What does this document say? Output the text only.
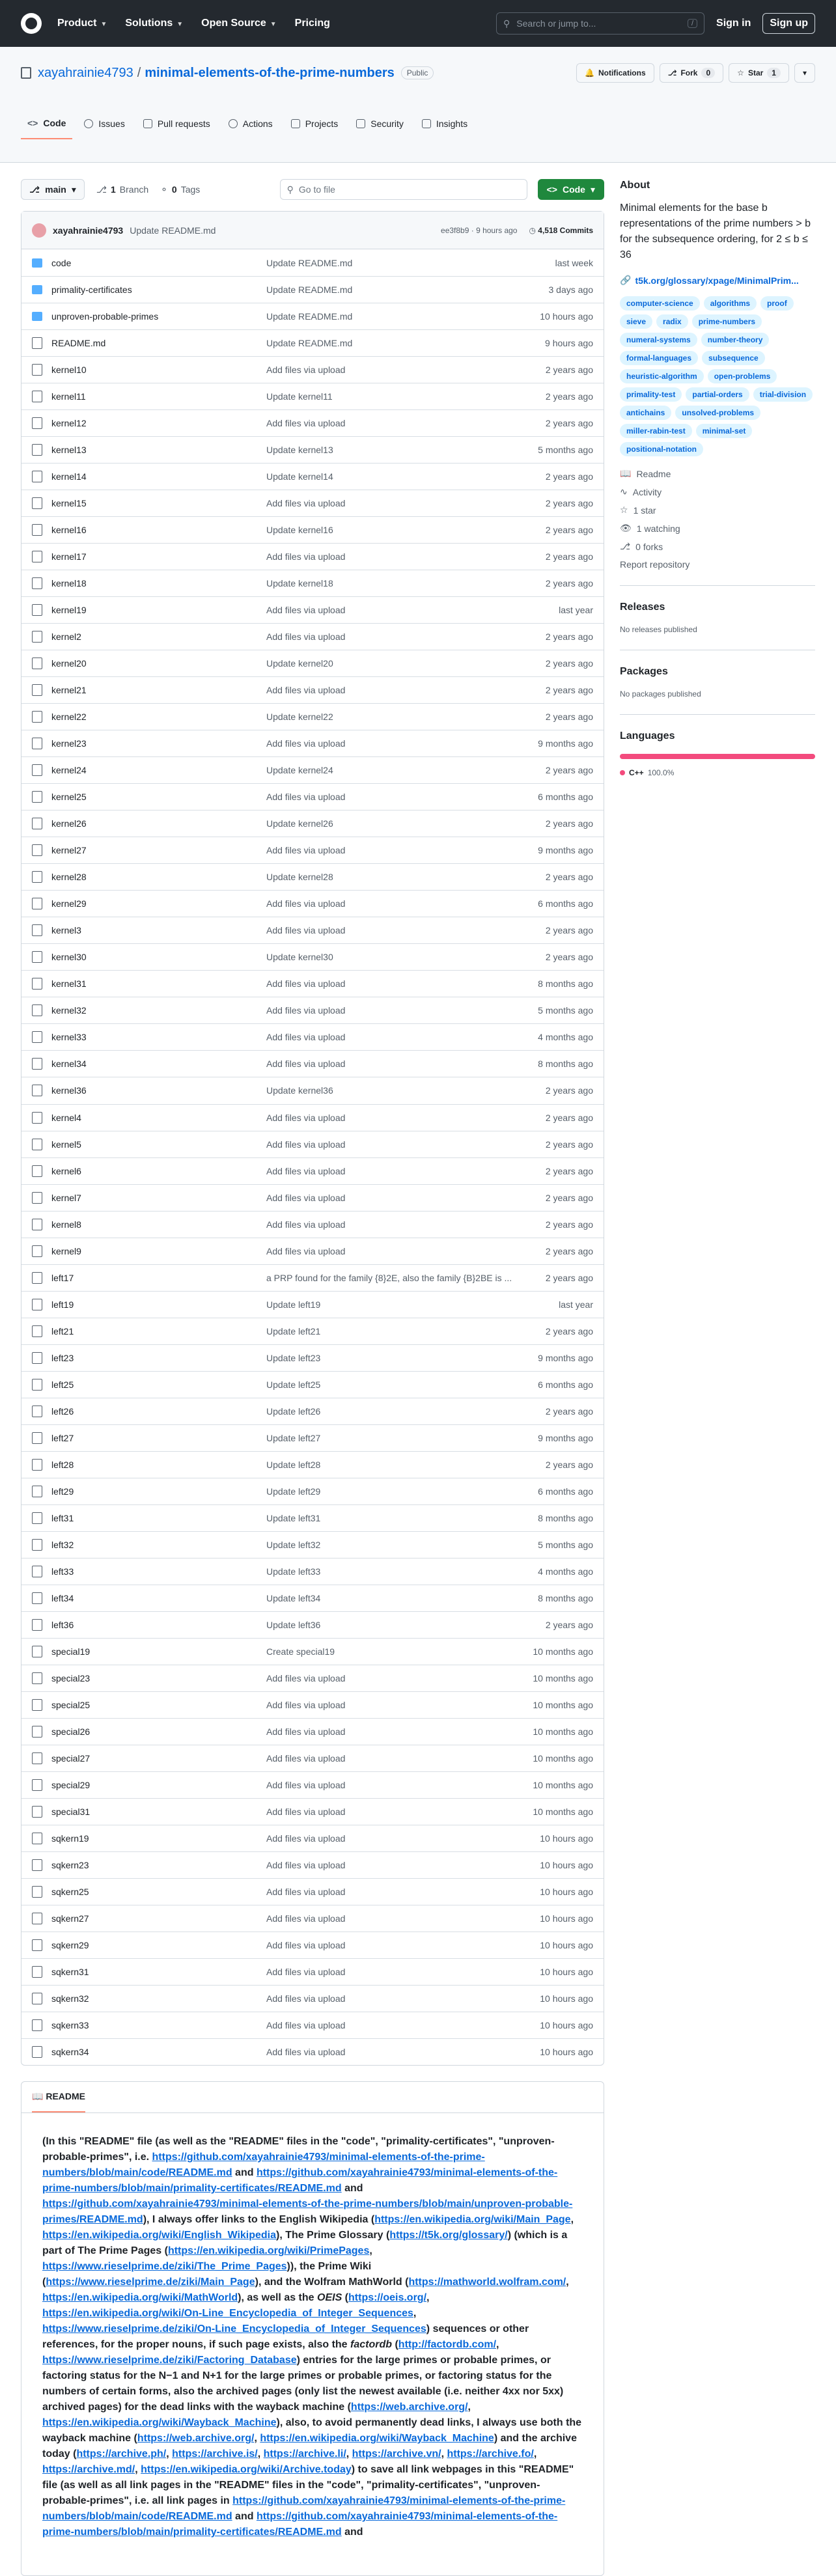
Product ▼ Solutions ▼ Open Source ▼ Pricing	⚲ Search or jump to...	/	Sign in	Sign up
xayahrainie4793 / minimal-elements-of-the-prime-numbers	Public	🔔 Notifications	⎇ Fork	0	☆ Star	1	▾
<> Code	Issues	Pull requests	Actions	Projects	Security	Insights
⎇ main ▾ ⎇ 1 Branch ⚬ 0 Tags	⚲ Go to file	<> Code ▾
xayahrainie4793 Update README.md	ee3f8b9 · 9 hours ago ◷ 4,518 Commits
code	Update README.md	last week
primality-certificates	Update README.md	3 days ago
unproven-probable-primes	Update README.md	10 hours ago
README.md	Update README.md	9 hours ago
kernel10	Add files via upload	2 years ago
kernel11	Update kernel11	2 years ago
kernel12	Add files via upload	2 years ago
kernel13	Update kernel13	5 months ago
kernel14	Update kernel14	2 years ago
kernel15	Add files via upload	2 years ago
kernel16	Update kernel16	2 years ago
kernel17	Add files via upload	2 years ago
kernel18	Update kernel18	2 years ago
kernel19	Add files via upload	last year
kernel2	Add files via upload	2 years ago
kernel20	Update kernel20	2 years ago
kernel21	Add files via upload	2 years ago
kernel22	Update kernel22	2 years ago
kernel23	Add files via upload	9 months ago
kernel24	Update kernel24	2 years ago
kernel25	Add files via upload	6 months ago
kernel26	Update kernel26	2 years ago
kernel27	Add files via upload	9 months ago
kernel28	Update kernel28	2 years ago
kernel29	Add files via upload	6 months ago
kernel3	Add files via upload	2 years ago
kernel30	Update kernel30	2 years ago
kernel31	Add files via upload	8 months ago
kernel32	Add files via upload	5 months ago
kernel33	Add files via upload	4 months ago
kernel34	Add files via upload	8 months ago
kernel36	Update kernel36	2 years ago
kernel4	Add files via upload	2 years ago
kernel5	Add files via upload	2 years ago
kernel6	Add files via upload	2 years ago
kernel7	Add files via upload	2 years ago
kernel8	Add files via upload	2 years ago
kernel9	Add files via upload	2 years ago
left17	a PRP found for the family {8}2E, also the family {B}2BE is ...	2 years ago
left19	Update left19	last year
left21	Update left21	2 years ago
left23	Update left23	9 months ago
left25	Update left25	6 months ago
left26	Update left26	2 years ago
left27	Update left27	9 months ago
left28	Update left28	2 years ago
left29	Update left29	6 months ago
left31	Update left31	8 months ago
left32	Update left32	5 months ago
left33	Update left33	4 months ago
left34	Update left34	8 months ago
left36	Update left36	2 years ago
special19	Create special19	10 months ago
special23	Add files via upload	10 months ago
special25	Add files via upload	10 months ago
special26	Add files via upload	10 months ago
special27	Add files via upload	10 months ago
special29	Add files via upload	10 months ago
special31	Add files via upload	10 months ago
sqkern19	Add files via upload	10 hours ago
sqkern23	Add files via upload	10 hours ago
sqkern25	Add files via upload	10 hours ago
sqkern27	Add files via upload	10 hours ago
sqkern29	Add files via upload	10 hours ago
sqkern31	Add files via upload	10 hours ago
sqkern32	Add files via upload	10 hours ago
sqkern33	Add files via upload	10 hours ago
sqkern34	Add files via upload	10 hours ago
About

Minimal elements for the base b representations of the prime numbers > b for the subsequence ordering, for 2 ≤ b ≤ 36

🔗 t5k.org/glossary/xpage/MinimalPrim...
computer-science	algorithms	proof
sieve	radix	prime-numbers
numeral-systems	number-theory
formal-languages	subsequence
heuristic-algorithm	open-problems
primality-test	partial-orders	trial-division
antichains	unsolved-problems
miller-rabin-test	minimal-set
positional-notation
📖 Readme
∿ Activity
☆ 1 star
👁 1 watching
⎇ 0 forks
Report repository
Releases
No releases published
Packages
No packages published
Languages
C++ 100.0%
📖 README
(In this "README" file (as well as the "README" files in the "code", "primality-certificates", "unproven-probable-primes", i.e. https://github.com/xayahrainie4793/minimal-elements-of-the-prime-numbers/blob/main/code/README.md and https://github.com/xayahrainie4793/minimal-elements-of-the-prime-numbers/blob/main/primality-certificates/README.md and https://github.com/xayahrainie4793/minimal-elements-of-the-prime-numbers/blob/main/unproven-probable-primes/README.md), I always offer links to the English Wikipedia (https://en.wikipedia.org/wiki/Main_Page, https://en.wikipedia.org/wiki/English_Wikipedia), The Prime Glossary (https://t5k.org/glossary/) (which is a part of The Prime Pages (https://en.wikipedia.org/wiki/PrimePages, https://www.rieselprime.de/ziki/The_Prime_Pages)), the Prime Wiki (https://www.rieselprime.de/ziki/Main_Page), and the Wolfram MathWorld (https://mathworld.wolfram.com/, https://en.wikipedia.org/wiki/MathWorld), as well as the OEIS (https://oeis.org/, https://en.wikipedia.org/wiki/On-Line_Encyclopedia_of_Integer_Sequences, https://www.rieselprime.de/ziki/On-Line_Encyclopedia_of_Integer_Sequences) sequences or other references, for the proper nouns, if such page exists, also the factordb (http://factordb.com/, https://www.rieselprime.de/ziki/Factoring_Database) entries for the large primes or probable primes, or factoring status for the N−1 and N+1 for the large primes or probable primes, or factoring status for the numbers of certain forms, also the archived pages (only list the newest available (i.e. neither 4xx nor 5xx) archived pages) for the dead links with the wayback machine (https://web.archive.org/, https://en.wikipedia.org/wiki/Wayback_Machine), also, to avoid permanently dead links, I always use both the wayback machine (https://web.archive.org/, https://en.wikipedia.org/wiki/Wayback_Machine) and the archive today (https://archive.ph/, https://archive.is/, https://archive.li/, https://archive.vn/, https://archive.fo/, https://archive.md/, https://en.wikipedia.org/wiki/Archive.today) to save all link webpages in this "README" file (as well as all link pages in the "README" files in the "code", "primality-certificates", "unproven-probable-primes", i.e. all link pages in https://github.com/xayahrainie4793/minimal-elements-of-the-prime-numbers/blob/main/code/README.md and https://github.com/xayahrainie4793/minimal-elements-of-the-prime-numbers/blob/main/primality-certificates/README.md and
